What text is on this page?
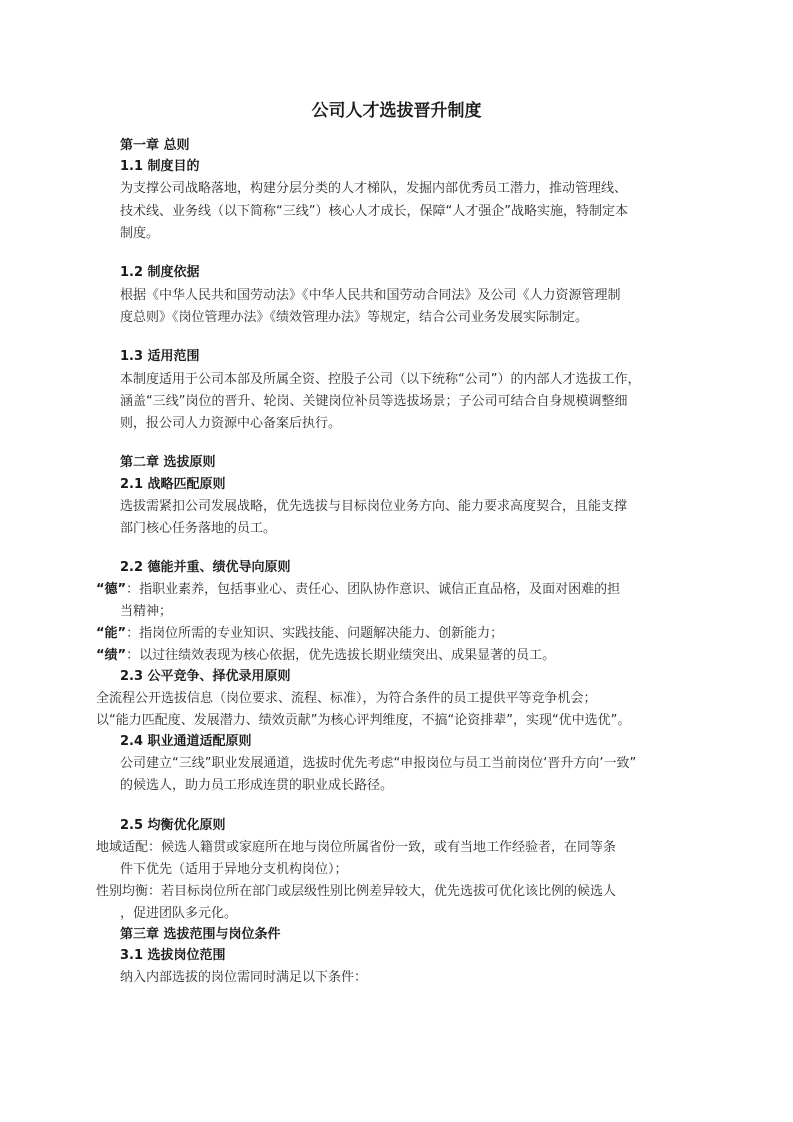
公司人才选拔晋升制度
第一章 总则
1.1 制度目的
为支撑公司战略落地，构建分层分类的人才梯队，发掘内部优秀员工潜力，推动管理线、
技术线、业务线（以下简称“三线”）核心人才成长，保障“人才强企”战略实施，特制定本
制度。
1.2 制度依据
根据《中华人民共和国劳动法》《中华人民共和国劳动合同法》及公司《人力资源管理制
度总则》《岗位管理办法》《绩效管理办法》等规定，结合公司业务发展实际制定。
1.3 适用范围
本制度适用于公司本部及所属全资、控股子公司（以下统称“公司”）的内部人才选拔工作，
涵盖“三线”岗位的晋升、轮岗、关键岗位补员等选拔场景；子公司可结合自身规模调整细
则，报公司人力资源中心备案后执行。
第二章 选拔原则
2.1 战略匹配原则
选拔需紧扣公司发展战略，优先选拔与目标岗位业务方向、能力要求高度契合，且能支撑
部门核心任务落地的员工。
2.2 德能并重、绩优导向原则
“德”：指职业素养，包括事业心、责任心、团队协作意识、诚信正直品格，及面对困难的担
当精神；
“能”：指岗位所需的专业知识、实践技能、问题解决能力、创新能力；
“绩”：以过往绩效表现为核心依据，优先选拔长期业绩突出、成果显著的员工。
2.3 公平竞争、择优录用原则
全流程公开选拔信息（岗位要求、流程、标准），为符合条件的员工提供平等竞争机会；
以“能力匹配度、发展潜力、绩效贡献”为核心评判维度，不搞“论资排辈”，实现“优中选优”。
2.4 职业通道适配原则
公司建立“三线”职业发展通道，选拔时优先考虑“申报岗位与员工当前岗位‘晋升方向’一致”
的候选人，助力员工形成连贯的职业成长路径。
2.5 均衡优化原则
地域适配：候选人籍贯或家庭所在地与岗位所属省份一致，或有当地工作经验者，在同等条
件下优先（适用于异地分支机构岗位）；
性别均衡：若目标岗位所在部门或层级性别比例差异较大，优先选拔可优化该比例的候选人
，促进团队多元化。
第三章 选拔范围与岗位条件
3.1 选拔岗位范围
纳入内部选拔的岗位需同时满足以下条件：
